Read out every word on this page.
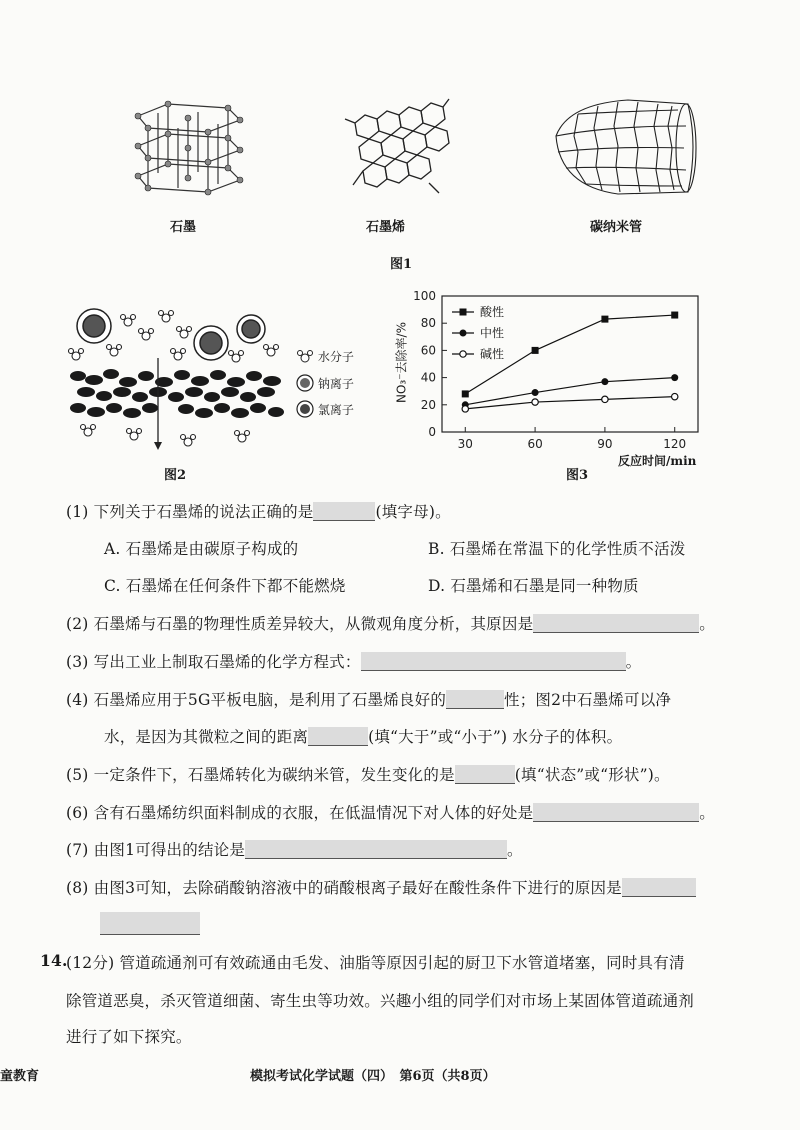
石墨	石墨烯	碳纳米管
图1
水分子
钠离子
氯离子
图2
0
20
40
60
80
100
30	60	90	120
酸性
中性
碱性
NO₃⁻去除率/%
反应时间/min
图3
(1) 下列关于石墨烯的说法正确的是	(填字母)。
A. 石墨烯是由碳原子构成的	B. 石墨烯在常温下的化学性质不活泼
C. 石墨烯在任何条件下都不能燃烧	D. 石墨烯和石墨是同一种物质
(2) 石墨烯与石墨的物理性质差异较大，从微观角度分析，其原因是	。
(3) 写出工业上制取石墨烯的化学方程式：	。
(4) 石墨烯应用于5G平板电脑，是利用了石墨烯良好的	性；图2中石墨烯可以净
水，是因为其微粒之间的距离	(填“大于”或“小于”) 水分子的体积。
(5) 一定条件下，石墨烯转化为碳纳米管，发生变化的是	(填“状态”或“形状”)。
(6) 含有石墨烯纺织面料制成的衣服，在低温情况下对人体的好处是	。
(7) 由图1可得出的结论是	。
(8) 由图3可知，去除硝酸钠溶液中的硝酸根离子最好在酸性条件下进行的原因是
14.
(12分) 管道疏通剂可有效疏通由毛发、油脂等原因引起的厨卫下水管道堵塞，同时具有清
除管道恶臭，杀灭管道细菌、寄生虫等功效。兴趣小组的同学们对市场上某固体管道疏通剂
进行了如下探究。
童教育	模拟考试化学试题（四）　第6页（共8页）
